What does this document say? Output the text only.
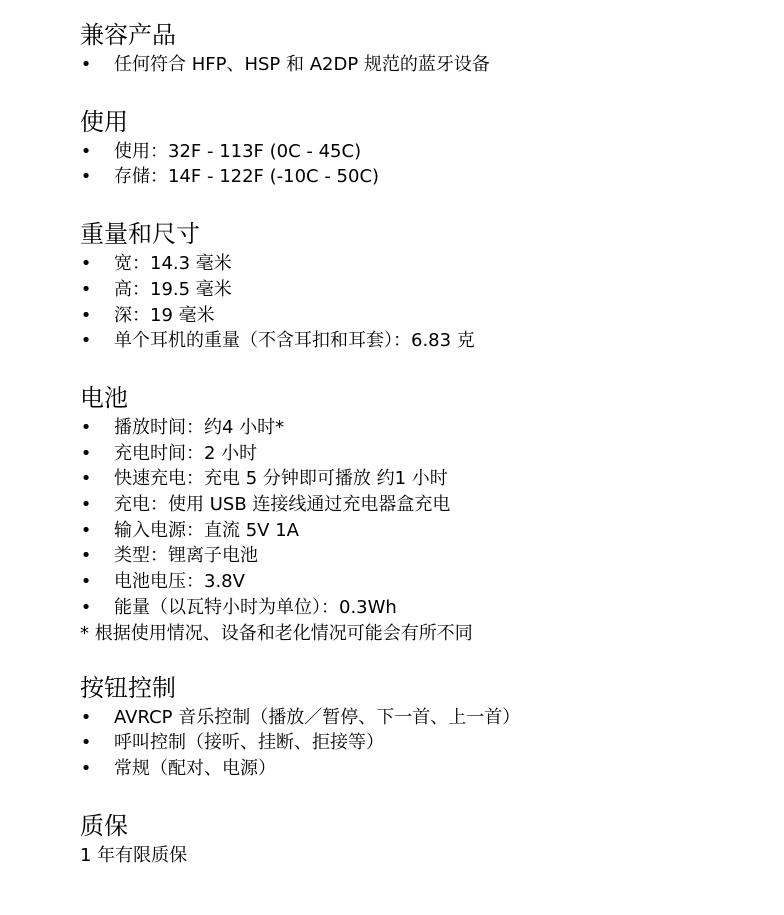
兼容产品
• 任何符合 HFP、HSP 和 A2DP 规范的蓝牙设备
使用
• 使用：32F - 113F (0C - 45C)
• 存储：14F - 122F (-10C - 50C)
重量和尺寸
• 宽：14.3 毫米
• 高：19.5 毫米
• 深：19 毫米
• 单个耳机的重量（不含耳扣和耳套）：6.83 克
电池
• 播放时间：约4 小时*
• 充电时间：2 小时
• 快速充电：充电 5 分钟即可播放 约1 小时
• 充电：使用 USB 连接线通过充电器盒充电
• 输入电源：直流 5V 1A
• 类型：锂离子电池
• 电池电压：3.8V
• 能量（以瓦特小时为单位）：0.3Wh
* 根据使用情况、设备和老化情况可能会有所不同
按钮控制
• AVRCP 音乐控制（播放／暂停、下一首、上一首）
• 呼叫控制（接听、挂断、拒接等）
• 常规（配对、电源）
质保
1 年有限质保
